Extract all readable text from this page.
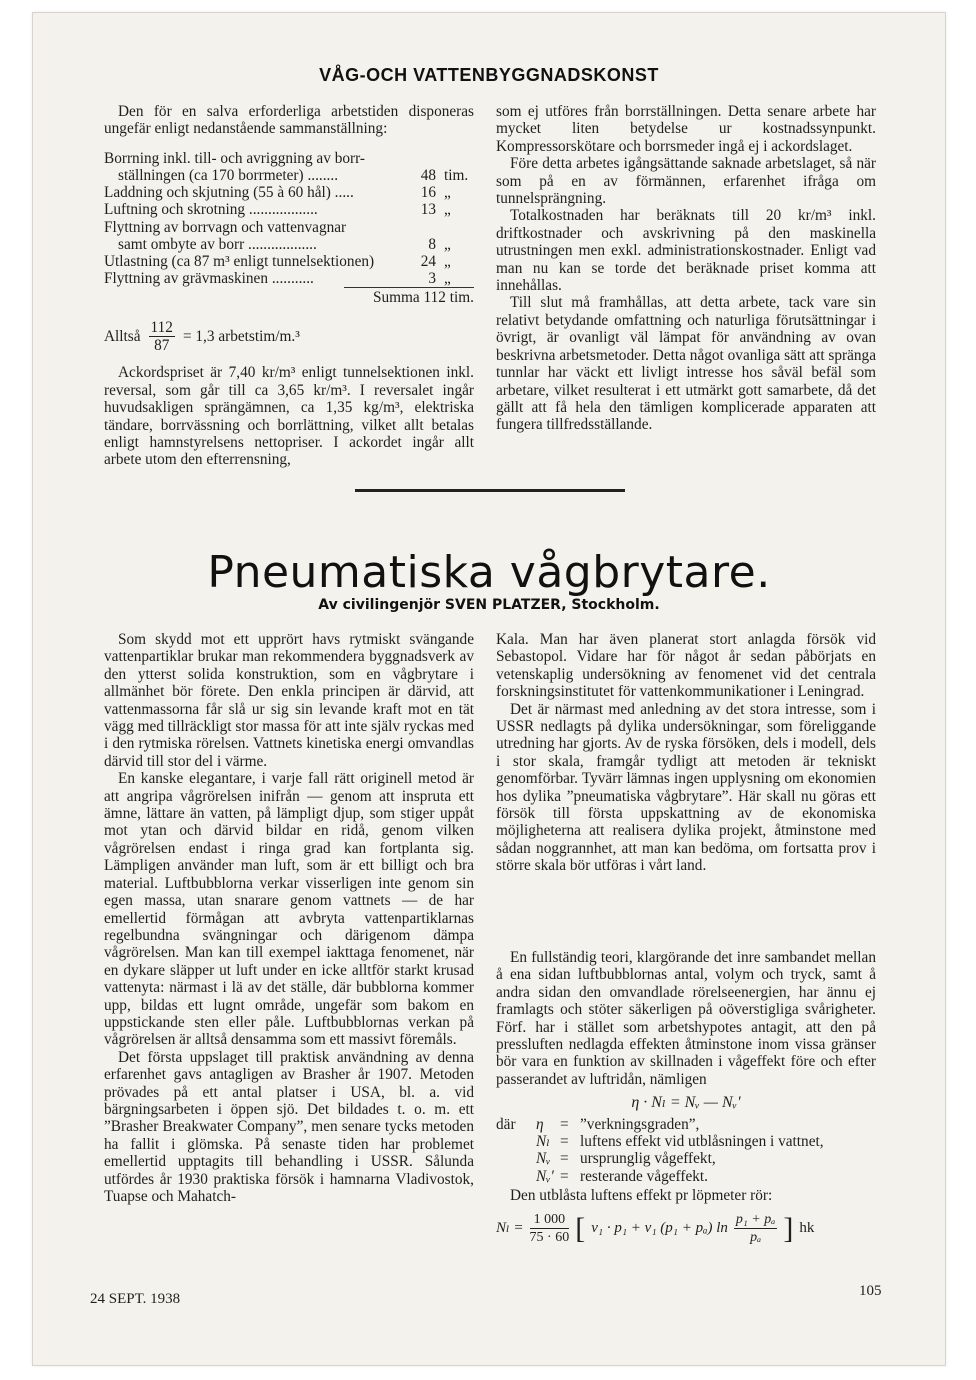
VÅG-OCH VATTENBYGGNADSKONST

Den för en salva erforderliga arbetstiden disponeras ungefär enligt nedanstående sammanställning:

Borrning inkl. till- och avriggning av borr-
ställningen (ca 170 borrmeter) ........	48 tim.
Laddning och skjutning (55 à 60 hål) .....	16 „
Luftning och skrotning ..................	13 „
Flyttning av borrvagn och vattenvagnar
samt ombyte av borr ..................	8 „
Utlastning (ca 87 m³ enligt tunnelsektionen)	24 „
Flyttning av grävmaskinen ...........	3 „
Summa 112 tim.
Alltså $\frac{112}{87} = 1,3$ arbetstim/m.³

Ackordspriset är 7,40 kr/m³ enligt tunnelsektionen inkl. reversal, som går till ca 3,65 kr/m³. I reversalet ingår huvudsakligen sprängämnen, ca 1,35 kg/m³, elektriska tändare, borrvässning och borrlättning, vilket allt betalas enligt hamnstyrelsens nettopriser. I ackordet ingår allt arbete utom den efterrensning,

som ej utföres från borrställningen. Detta senare arbete har mycket liten betydelse ur kostnadssynpunkt. Kompressorskötare och borrsmeder ingå ej i ackordslaget.

Före detta arbetes igångsättande saknade arbetslaget, så när som på en av förmännen, erfarenhet ifråga om tunnelsprängning.

Totalkostnaden har beräknats till 20 kr/m³ inkl. driftkostnader och avskrivning på den maskinella utrustningen men exkl. administrationskostnader. Enligt vad man nu kan se torde det beräknade priset komma att innehållas.

Till slut må framhållas, att detta arbete, tack vare sin relativt betydande omfattning och naturliga förutsättningar i övrigt, är ovanligt väl lämpat för användning av ovan beskrivna arbetsmetoder. Detta något ovanliga sätt att spränga tunnlar har väckt ett livligt intresse hos såväl befäl som arbetare, vilket resulterat i ett utmärkt gott samarbete, då det gällt att få hela den tämligen komplicerade apparaten att fungera tillfredsställande.

Pneumatiska vågbrytare.
Av civilingenjör SVEN PLATZER, Stockholm.

Som skydd mot ett upprört havs rytmiskt svängande vattenpartiklar brukar man rekommendera byggnadsverk av den ytterst solida konstruktion, som en vågbrytare i allmänhet bör förete. Den enkla principen är därvid, att vattenmassorna får slå ur sig sin levande kraft mot en tät vägg med tillräckligt stor massa för att inte själv ryckas med i den rytmiska rörelsen. Vattnets kinetiska energi omvandlas därvid till stor del i värme.

En kanske elegantare, i varje fall rätt originell metod är att angripa vågrörelsen inifrån — genom att inspruta ett ämne, lättare än vatten, på lämpligt djup, som stiger uppåt mot ytan och därvid bildar en ridå, genom vilken vågrörelsen endast i ringa grad kan fortplanta sig. Lämpligen använder man luft, som är ett billigt och bra material. Luftbubblorna verkar visserligen inte genom sin egen massa, utan snarare genom vattnets — de har emellertid förmågan att avbryta vattenpartiklarnas regelbundna svängningar och därigenom dämpa vågrörelsen. Man kan till exempel iakttaga fenomenet, när en dykare släpper ut luft under en icke alltför starkt krusad vattenyta: närmast i lä av det ställe, där bubblorna kommer upp, bildas ett lugnt område, ungefär som bakom en uppstickande sten eller påle. Luftbubblornas verkan på vågrörelsen är alltså densamma som ett massivt föremåls.

Det första uppslaget till praktisk användning av denna erfarenhet gavs antagligen av Brasher år 1907. Metoden prövades på ett antal platser i USA, bl. a. vid bärgningsarbeten i öppen sjö. Det bildades t. o. m. ett ”Brasher Breakwater Company”, men senare tycks metoden ha fallit i glömska. På senaste tiden har problemet emellertid upptagits till behandling i USSR. Sålunda utfördes år 1930 praktiska försök i hamnarna Vladivostok, Tuapse och Mahatch-

Kala. Man har även planerat stort anlagda försök vid Sebastopol. Vidare har för något år sedan påbörjats en vetenskaplig undersökning av fenomenet vid det centrala forskningsinstitutet för vattenkommunikationer i Leningrad.

Det är närmast med anledning av det stora intresse, som i USSR nedlagts på dylika undersökningar, som föreliggande utredning har gjorts. Av de ryska försöken, dels i modell, dels i stor skala, framgår tydligt att metoden är tekniskt genomförbar. Tyvärr lämnas ingen upplysning om ekonomien hos dylika ”pneumatiska vågbrytare”. Här skall nu göras ett försök till första uppskattning av de ekonomiska möjligheterna att realisera dylika projekt, åtminstone med sådan noggrannhet, att man kan bedöma, om fortsatta prov i större skala bör utföras i vårt land.

En fullständig teori, klargörande det inre sambandet mellan å ena sidan luftbubblornas antal, volym och tryck, samt å andra sidan den omvandlade rörelseenergien, har ännu ej framlagts och stöter säkerligen på oöverstigliga svårigheter. Förf. har i stället som arbetshypotes antagit, att den på pressluften nedlagda effekten åtminstone inom vissa gränser bör vara en funktion av skillnaden i vågeffekt före och efter passerandet av luftridån, nämligen

η · Nₗ = Nᵥ — Nᵥ′
där	η	= ”verkningsgraden”,
Nₗ = luftens effekt vid utblåsningen i vattnet,
Nᵥ = ursprunglig vågeffekt,
Nᵥ′ = resterande vågeffekt.

Den utblåsta luftens effekt pr löpmeter rör:

$N_l = \frac{1 000}{75 \cdot 60}$ [ v₁ · p₁ + v₁ (p₁ + pₐ) $\ln \frac{\text{p₁ + pₐ}}{\text{pₐ}}$ ] hk
24 SEPT. 1938	105
